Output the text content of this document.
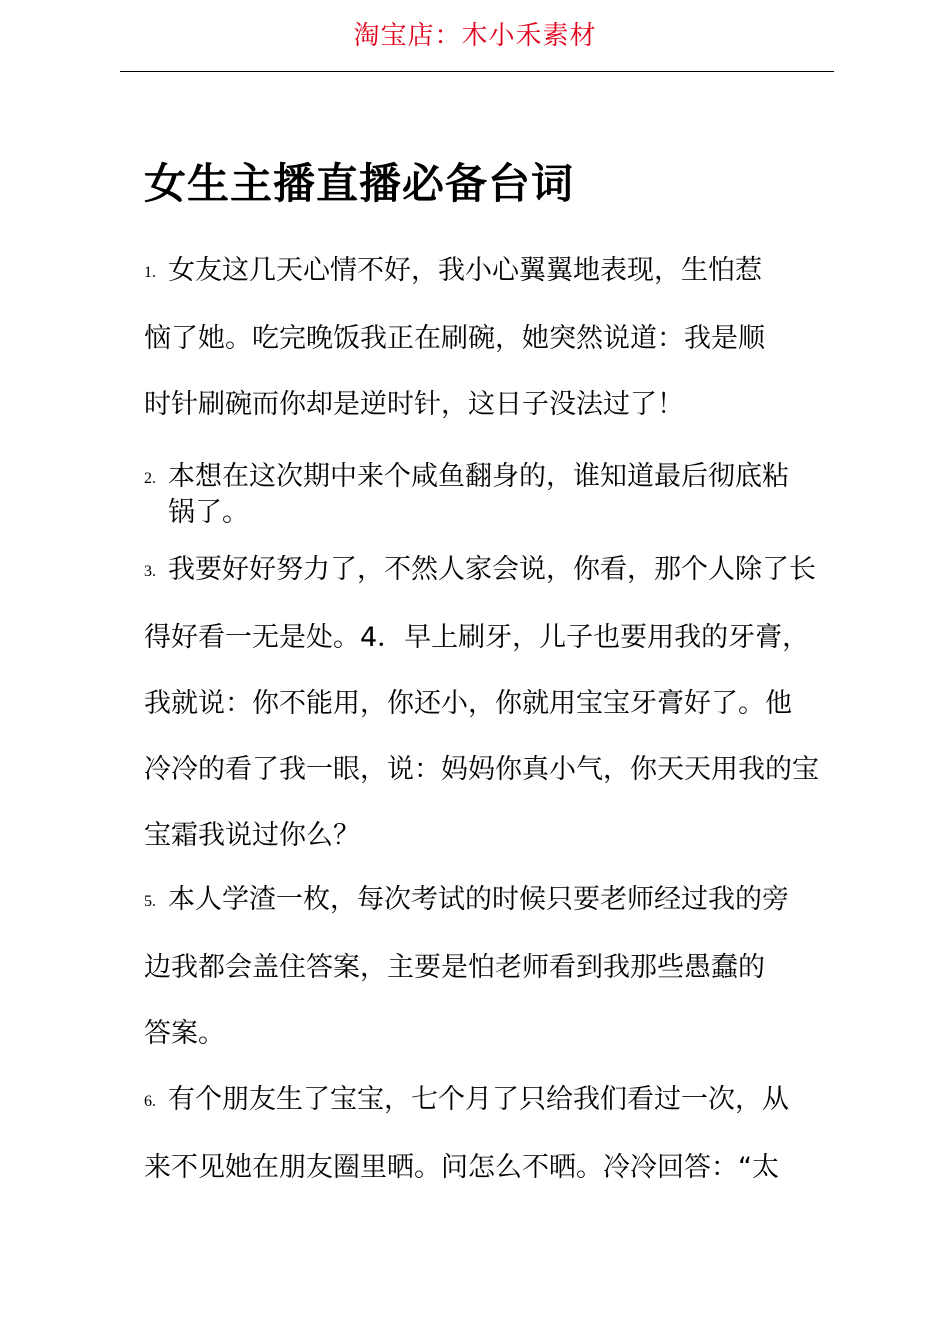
淘宝店：木小禾素材
女生主播直播必备台词
1. 女友这几天心情不好，我小心翼翼地表现，生怕惹
恼了她。吃完晚饭我正在刷碗，她突然说道：我是顺
时针刷碗而你却是逆时针，这日子没法过了！
2. 本想在这次期中来个咸鱼翻身的，谁知道最后彻底粘
锅了。
3. 我要好好努力了，不然人家会说，你看，那个人除了长
得好看一无是处。4．早上刷牙，儿子也要用我的牙膏，
我就说：你不能用，你还小，你就用宝宝牙膏好了。他
冷冷的看了我一眼，说：妈妈你真小气，你天天用我的宝
宝霜我说过你么？
5. 本人学渣一枚，每次考试的时候只要老师经过我的旁
边我都会盖住答案，主要是怕老师看到我那些愚蠢的
答案。
6. 有个朋友生了宝宝，七个月了只给我们看过一次，从
来不见她在朋友圈里晒。问怎么不晒。冷冷回答：“太
